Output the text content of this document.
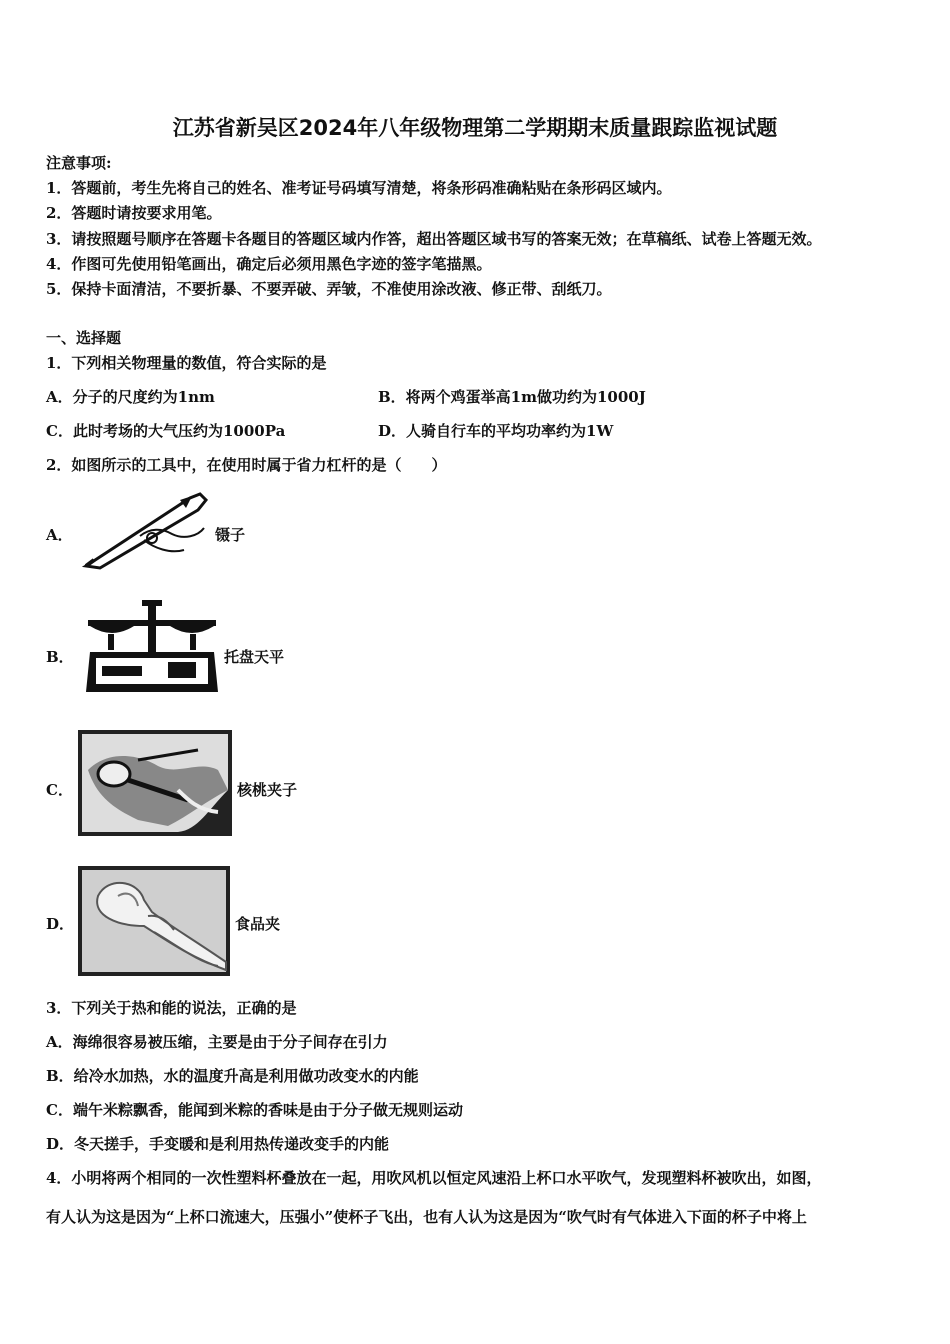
江苏省新吴区2024年八年级物理第二学期期末质量跟踪监视试题
注意事项:
1．答题前，考生先将自己的姓名、准考证号码填写清楚，将条形码准确粘贴在条形码区域内。
2．答题时请按要求用笔。
3．请按照题号顺序在答题卡各题目的答题区域内作答，超出答题区域书写的答案无效；在草稿纸、试卷上答题无效。
4．作图可先使用铅笔画出，确定后必须用黑色字迹的签字笔描黑。
5．保持卡面清洁，不要折暴、不要弄破、弄皱，不准使用涂改液、修正带、刮纸刀。
一、选择题
1．下列相关物理量的数值，符合实际的是
A．分子的尺度约为1nm	B．将两个鸡蛋举高1m做功约为1000J
C．此时考场的大气压约为1000Pa	D．人骑自行车的平均功率约为1W
2．如图所示的工具中，在使用时属于省力杠杆的是（　　）
A．	镊子
B．	托盘天平
C．	核桃夹子
D．	食品夹
3．下列关于热和能的说法，正确的是
A．海绵很容易被压缩，主要是由于分子间存在引力
B．给冷水加热，水的温度升高是利用做功改变水的内能
C．端午米粽飘香，能闻到米粽的香味是由于分子做无规则运动
D．冬天搓手，手变暖和是利用热传递改变手的内能
4．小明将两个相同的一次性塑料杯叠放在一起，用吹风机以恒定风速沿上杯口水平吹气，发现塑料杯被吹出，如图，
有人认为这是因为“上杯口流速大，压强小”使杯子飞出，也有人认为这是因为“吹气时有气体进入下面的杯子中将上
